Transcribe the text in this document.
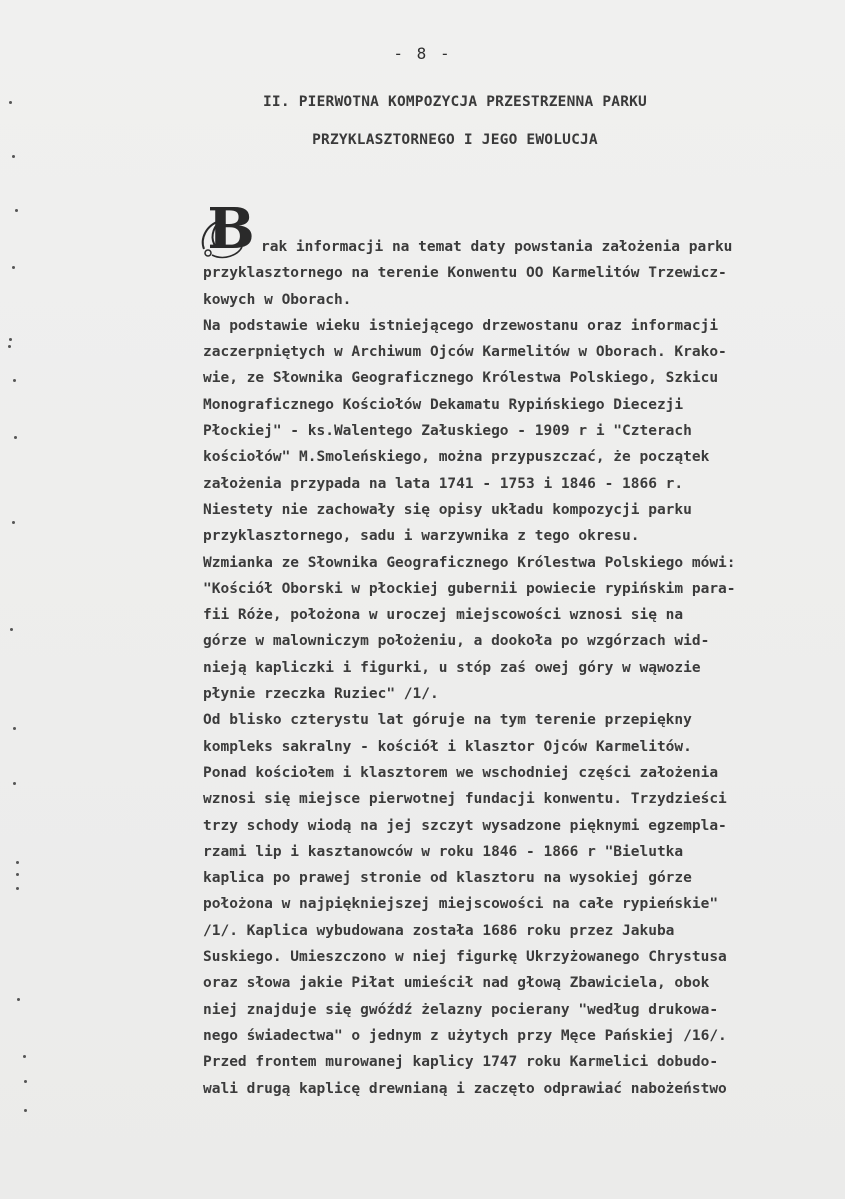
- 8 -
II. PIERWOTNA KOMPOZYCJA PRZESTRZENNA PARKU
PRZYKLASZTORNEGO I JEGO EWOLUCJA
B rak informacji na temat daty powstania założenia parku
przyklasztornego na terenie Konwentu OO Karmelitów Trzewicz-
kowych w Oborach.
Na podstawie wieku istniejącego drzewostanu oraz informacji
zaczerpniętych w Archiwum Ojców Karmelitów w Oborach. Krako-
wie, ze Słownika Geograficznego Królestwa Polskiego, Szkicu
Monograficznego Kościołów Dekamatu Rypińskiego Diecezji
Płockiej" - ks.Walentego Załuskiego - 1909 r i "Czterach
kościołów" M.Smoleńskiego, można przypuszczać, że początek
założenia przypada na lata 1741 - 1753 i 1846 - 1866 r.
Niestety nie zachowały się opisy układu kompozycji parku
przyklasztornego, sadu i warzywnika z tego okresu.
Wzmianka ze Słownika Geograficznego Królestwa Polskiego mówi:
"Kościół Oborski w płockiej gubernii powiecie rypińskim para-
fii Róże, położona w uroczej miejscowości wznosi się na
górze w malowniczym położeniu, a dookoła po wzgórzach wid-
nieją kapliczki i figurki, u stóp zaś owej góry w wąwozie
płynie rzeczka Ruziec" /1/.
Od blisko czterystu lat góruje na tym terenie przepiękny
kompleks sakralny - kościół i klasztor Ojców Karmelitów.
Ponad kościołem i klasztorem we wschodniej części założenia
wznosi się miejsce pierwotnej fundacji konwentu. Trzydzieści
trzy schody wiodą na jej szczyt wysadzone pięknymi egzempla-
rzami lip i kasztanowców w roku 1846 - 1866 r "Bielutka
kaplica po prawej stronie od klasztoru na wysokiej górze
położona w najpiękniejszej miejscowości na całe rypieńskie"
/1/. Kaplica wybudowana została 1686 roku przez Jakuba
Suskiego. Umieszczono w niej figurkę Ukrzyżowanego Chrystusa
oraz słowa jakie Piłat umieścił nad głową Zbawiciela, obok
niej znajduje się gwóźdź żelazny pocierany "według drukowa-
nego świadectwa" o jednym z użytych przy Męce Pańskiej /16/.
Przed frontem murowanej kaplicy 1747 roku Karmelici dobudo-
wali drugą kaplicę drewnianą i zaczęto odprawiać nabożeństwo
